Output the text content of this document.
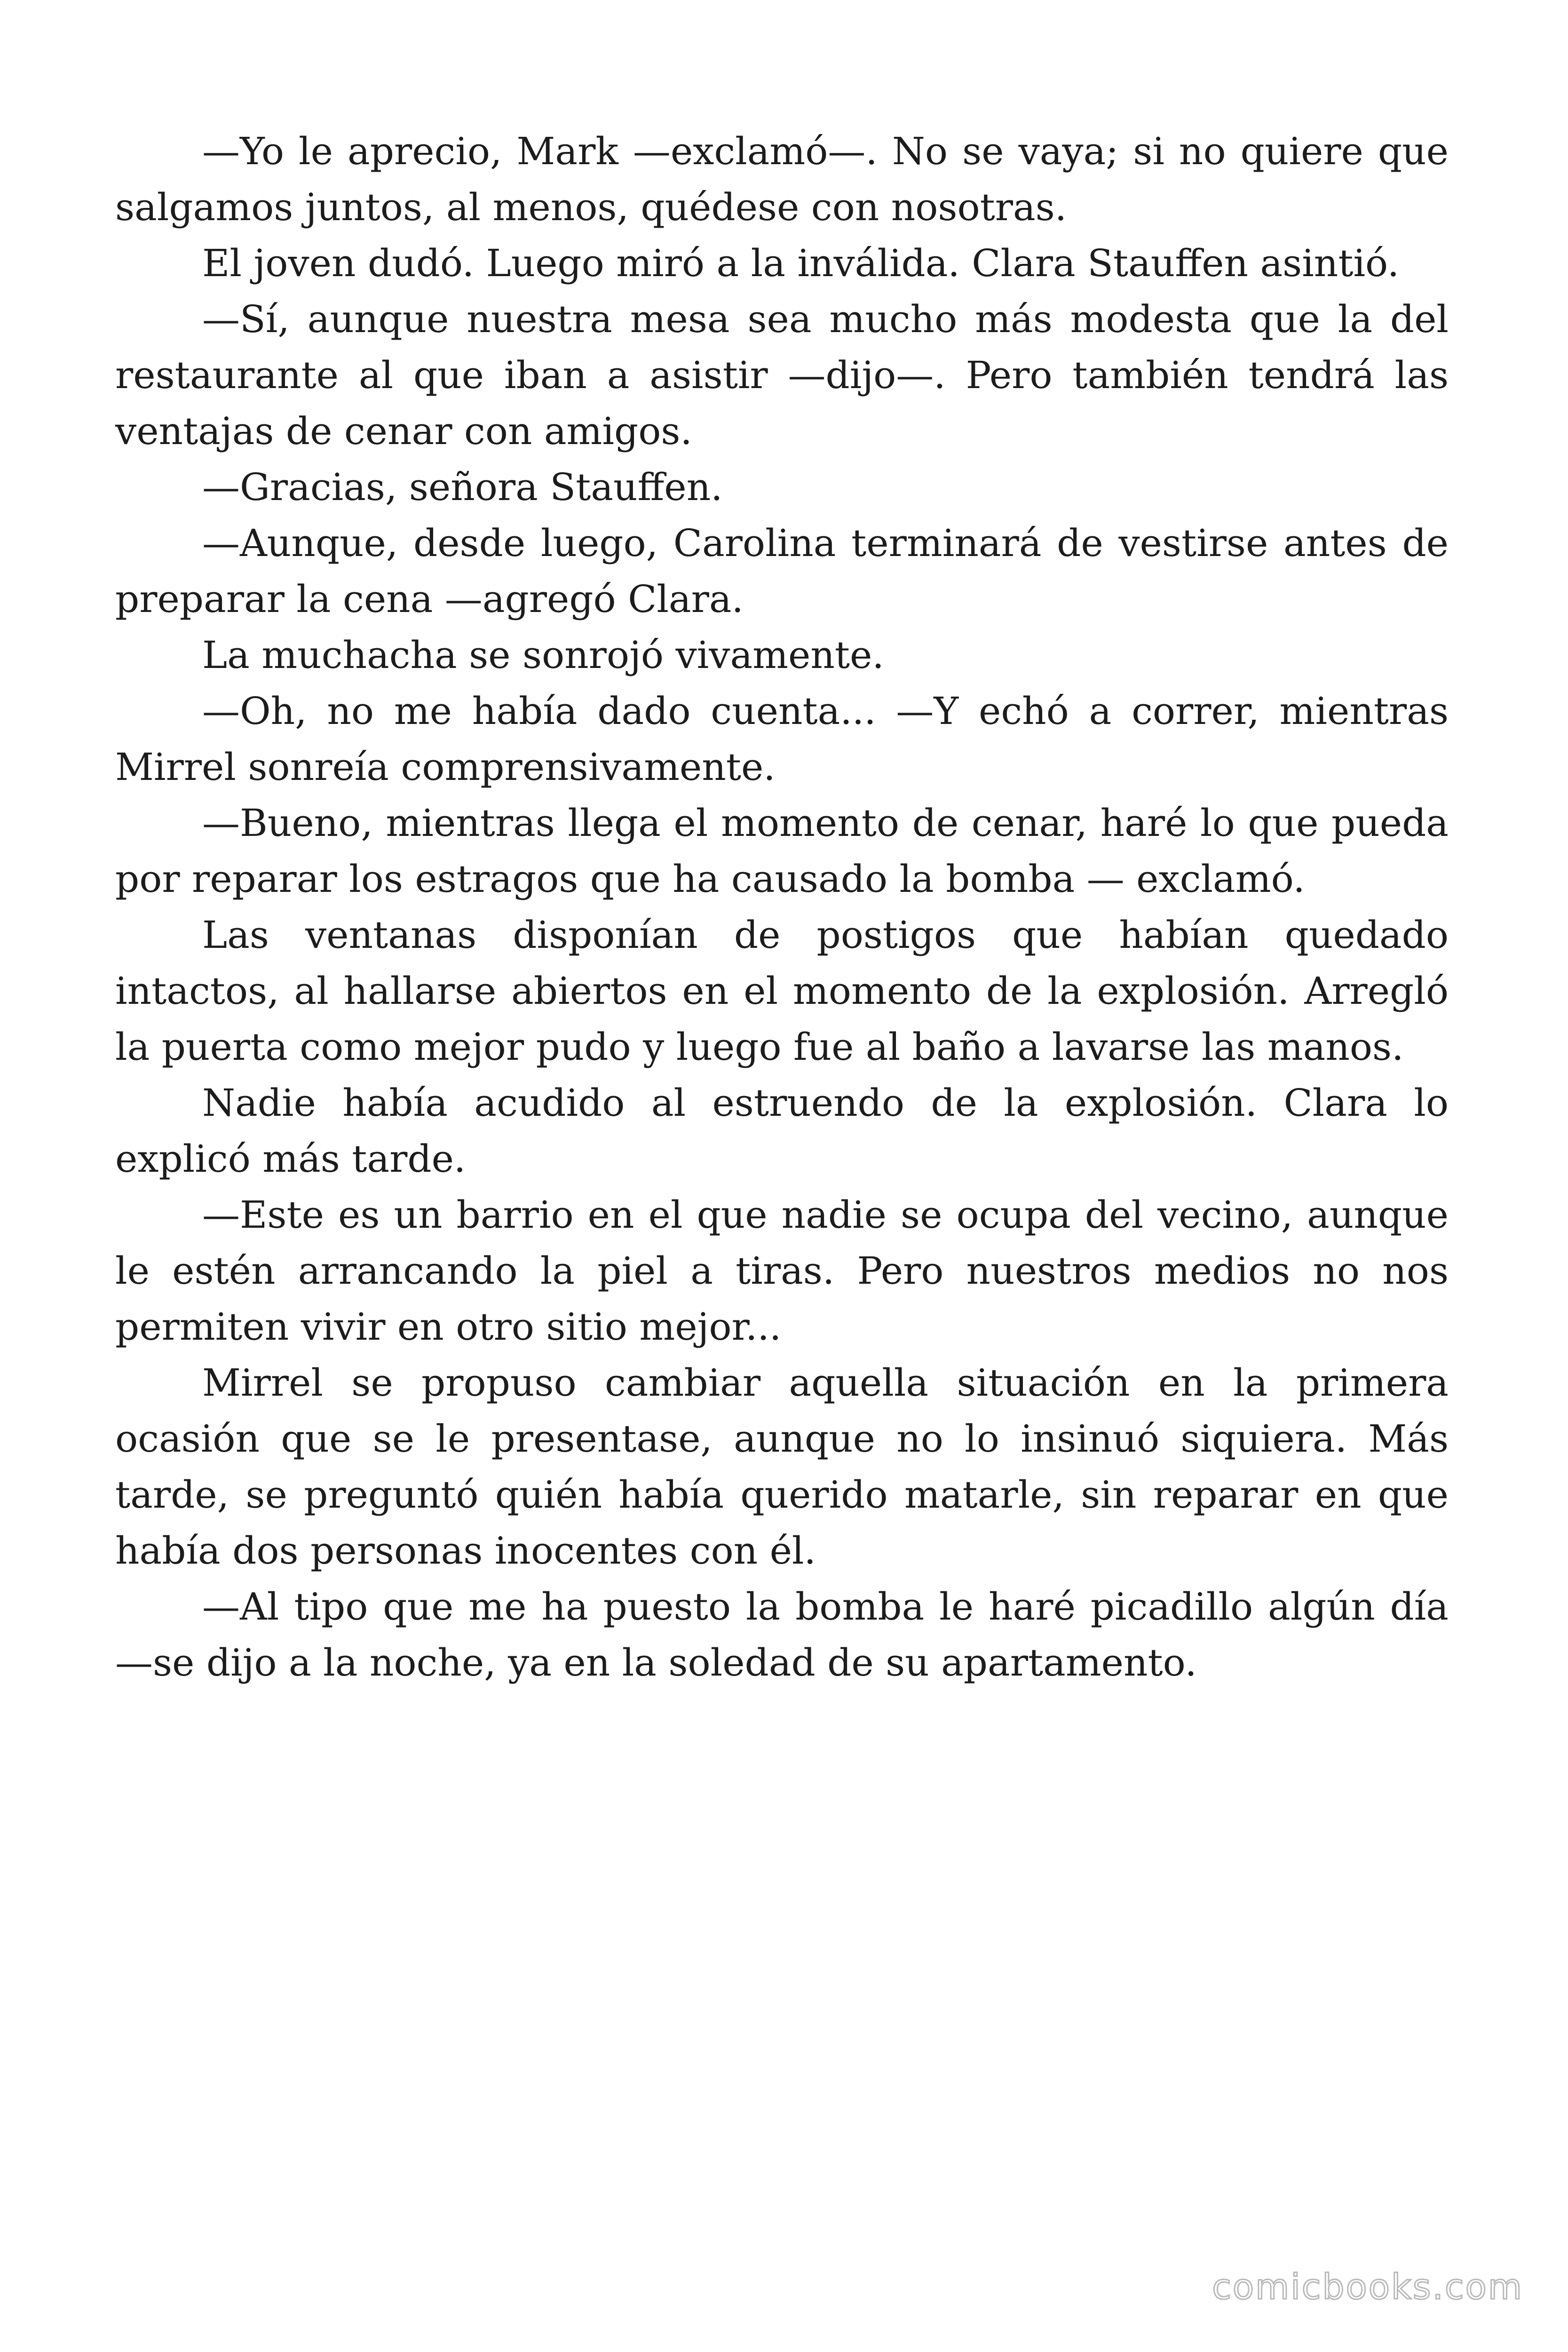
—Yo le aprecio, Mark —exclamó—. No se vaya; si no quiere que salgamos juntos, al menos, quédese con nosotras.

El joven dudó. Luego miró a la inválida. Clara Stauffen asintió.

—Sí, aunque nuestra mesa sea mucho más modesta que la del restaurante al que iban a asistir —dijo—. Pero también tendrá las ventajas de cenar con amigos.

—Gracias, señora Stauffen.

—Aunque, desde luego, Carolina terminará de vestirse antes de preparar la cena —agregó Clara.

La muchacha se sonrojó vivamente.

—Oh, no me había dado cuenta... —Y echó a correr, mientras Mirrel sonreía comprensivamente.

—Bueno, mientras llega el momento de cenar, haré lo que pueda por reparar los estragos que ha causado la bomba — exclamó.

Las ventanas disponían de postigos que habían quedado intactos, al hallarse abiertos en el momento de la explosión. Arregló la puerta como mejor pudo y luego fue al baño a lavarse las manos.

Nadie había acudido al estruendo de la explosión. Clara lo explicó más tarde.

—Este es un barrio en el que nadie se ocupa del vecino, aunque le estén arrancando la piel a tiras. Pero nuestros medios no nos permiten vivir en otro sitio mejor...

Mirrel se propuso cambiar aquella situación en la primera ocasión que se le presentase, aunque no lo insinuó siquiera. Más tarde, se preguntó quién había querido matarle, sin reparar en que había dos personas inocentes con él.

—Al tipo que me ha puesto la bomba le haré picadillo algún día —se dijo a la noche, ya en la soledad de su apartamento.

comicbooks.com
